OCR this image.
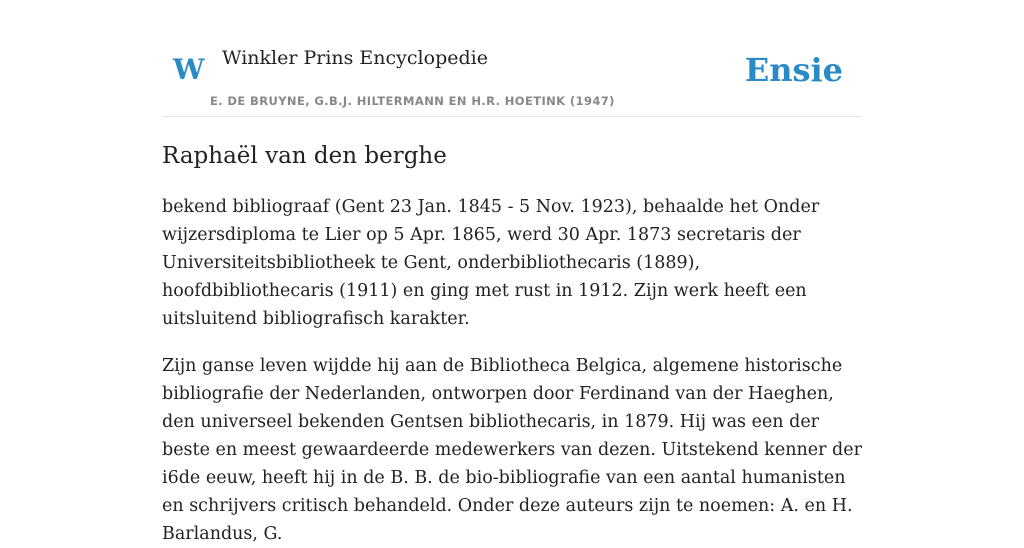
W Winkler Prins Encyclopedie
E. DE BRUYNE, G.B.J. HILTERMANN EN H.R. HOETINK (1947)
Ensie
Raphaël van den berghe

bekend bibliograaf (Gent 23 Jan. 1845 - 5 Nov. 1923), behaalde het Onder wijzersdiploma te Lier op 5 Apr. 1865, werd 30 Apr. 1873 secretaris der Universiteitsbibliotheek te Gent, onderbibliothecaris (1889), hoofdbibliothecaris (1911) en ging met rust in 1912. Zijn werk heeft een uitsluitend bibliografisch karakter.

Zijn ganse leven wijdde hij aan de Bibliotheca Belgica, algemene historische bibliografie der Nederlanden, ontworpen door Ferdinand van der Haeghen, den universeel bekenden Gentsen bibliothecaris, in 1879. Hij was een der beste en meest gewaardeerde medewerkers van dezen. Uitstekend kenner der i6de eeuw, heeft hij in de B. B. de bio-bibliografie van een aantal humanisten en schrijvers critisch behandeld. Onder deze auteurs zijn te noemen: A. en H. Barlandus, G.
